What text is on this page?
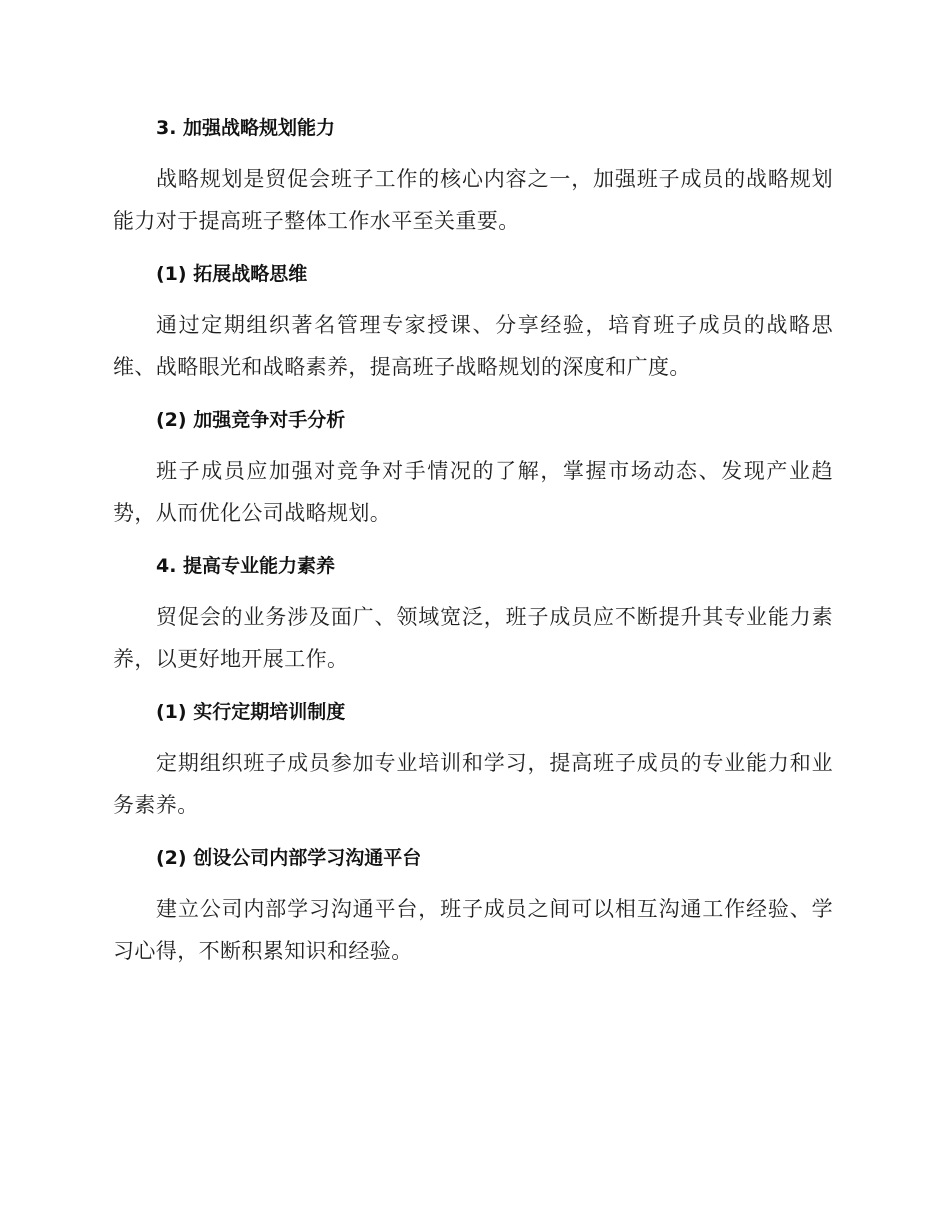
3. 加强战略规划能力

战略规划是贸促会班子工作的核心内容之一，加强班子成员的战略规划能力对于提高班子整体工作水平至关重要。

(1) 拓展战略思维

通过定期组织著名管理专家授课、分享经验，培育班子成员的战略思维、战略眼光和战略素养，提高班子战略规划的深度和广度。

(2) 加强竞争对手分析

班子成员应加强对竞争对手情况的了解，掌握市场动态、发现产业趋势，从而优化公司战略规划。

4. 提高专业能力素养

贸促会的业务涉及面广、领域宽泛，班子成员应不断提升其专业能力素养，以更好地开展工作。

(1) 实行定期培训制度

定期组织班子成员参加专业培训和学习，提高班子成员的专业能力和业务素养。

(2) 创设公司内部学习沟通平台

建立公司内部学习沟通平台，班子成员之间可以相互沟通工作经验、学习心得，不断积累知识和经验。
